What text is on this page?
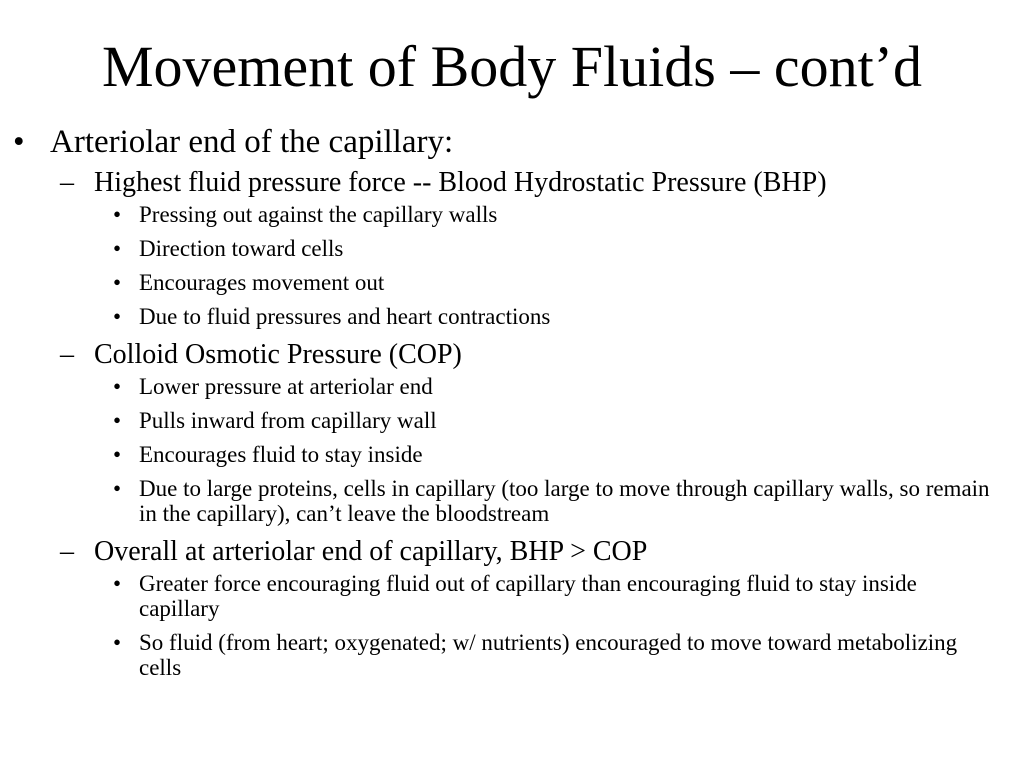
Movement of Body Fluids – cont’d
• Arteriolar end of the capillary:
– Highest fluid pressure force -- Blood Hydrostatic Pressure (BHP)
• Pressing out against the capillary walls
• Direction toward cells
• Encourages movement out
• Due to fluid pressures and heart contractions
– Colloid Osmotic Pressure (COP)
• Lower pressure at arteriolar end
• Pulls inward from capillary wall
• Encourages fluid to stay inside
• Due to large proteins, cells in capillary (too large to move through capillary walls, so remain in the capillary), can’t leave the bloodstream
– Overall at arteriolar end of capillary, BHP > COP
• Greater force encouraging fluid out of capillary than encouraging fluid to stay inside capillary
• So fluid (from heart; oxygenated; w/ nutrients) encouraged to move toward metabolizing cells
